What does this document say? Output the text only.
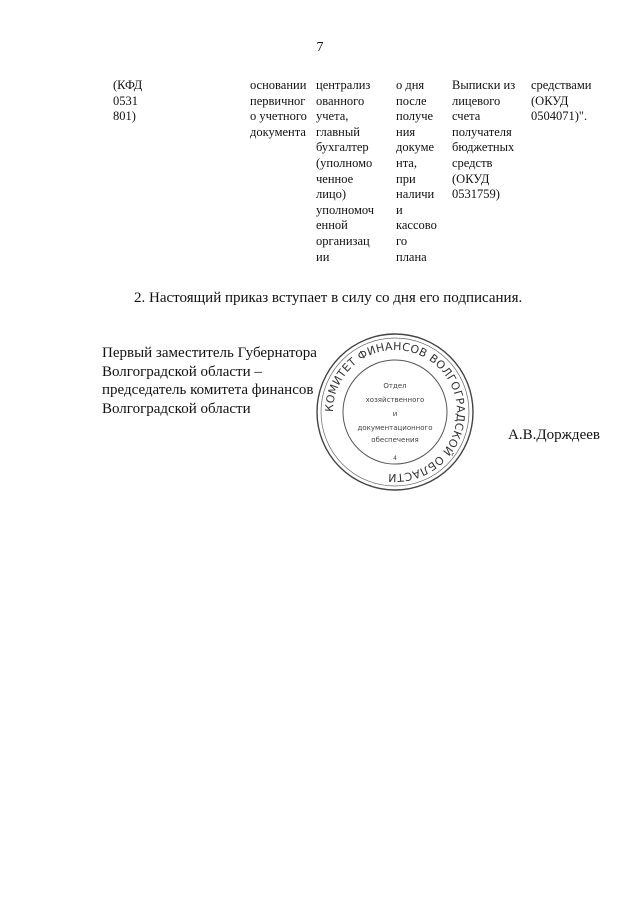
7
(КФД
0531
801)
основании
первичног
о учетного
документа
централиз
ованного
учета,
главный
бухгалтер
(уполномо
ченное
лицо)
уполномоч
енной
организац
ии
о дня
после
получе
ния
докуме
нта,
при
наличи
и
кассово
го
плана
Выписки из
лицевого
счета
получателя
бюджетных
средств
(ОКУД
0531759)
средствами
(ОКУД
0504071)".
2. Настоящий приказ вступает в силу со дня его подписания.
Первый заместитель Губернатора
Волгоградской области –
председатель комитета финансов
Волгоградской области	КОМИТЕТ ФИНАНСОВ ВОЛГОГРАДСКОЙ ОБЛАСТИ
Отдел
хозяйственного
и
документационного
обеспечения
4
А.В.Дорждеев
